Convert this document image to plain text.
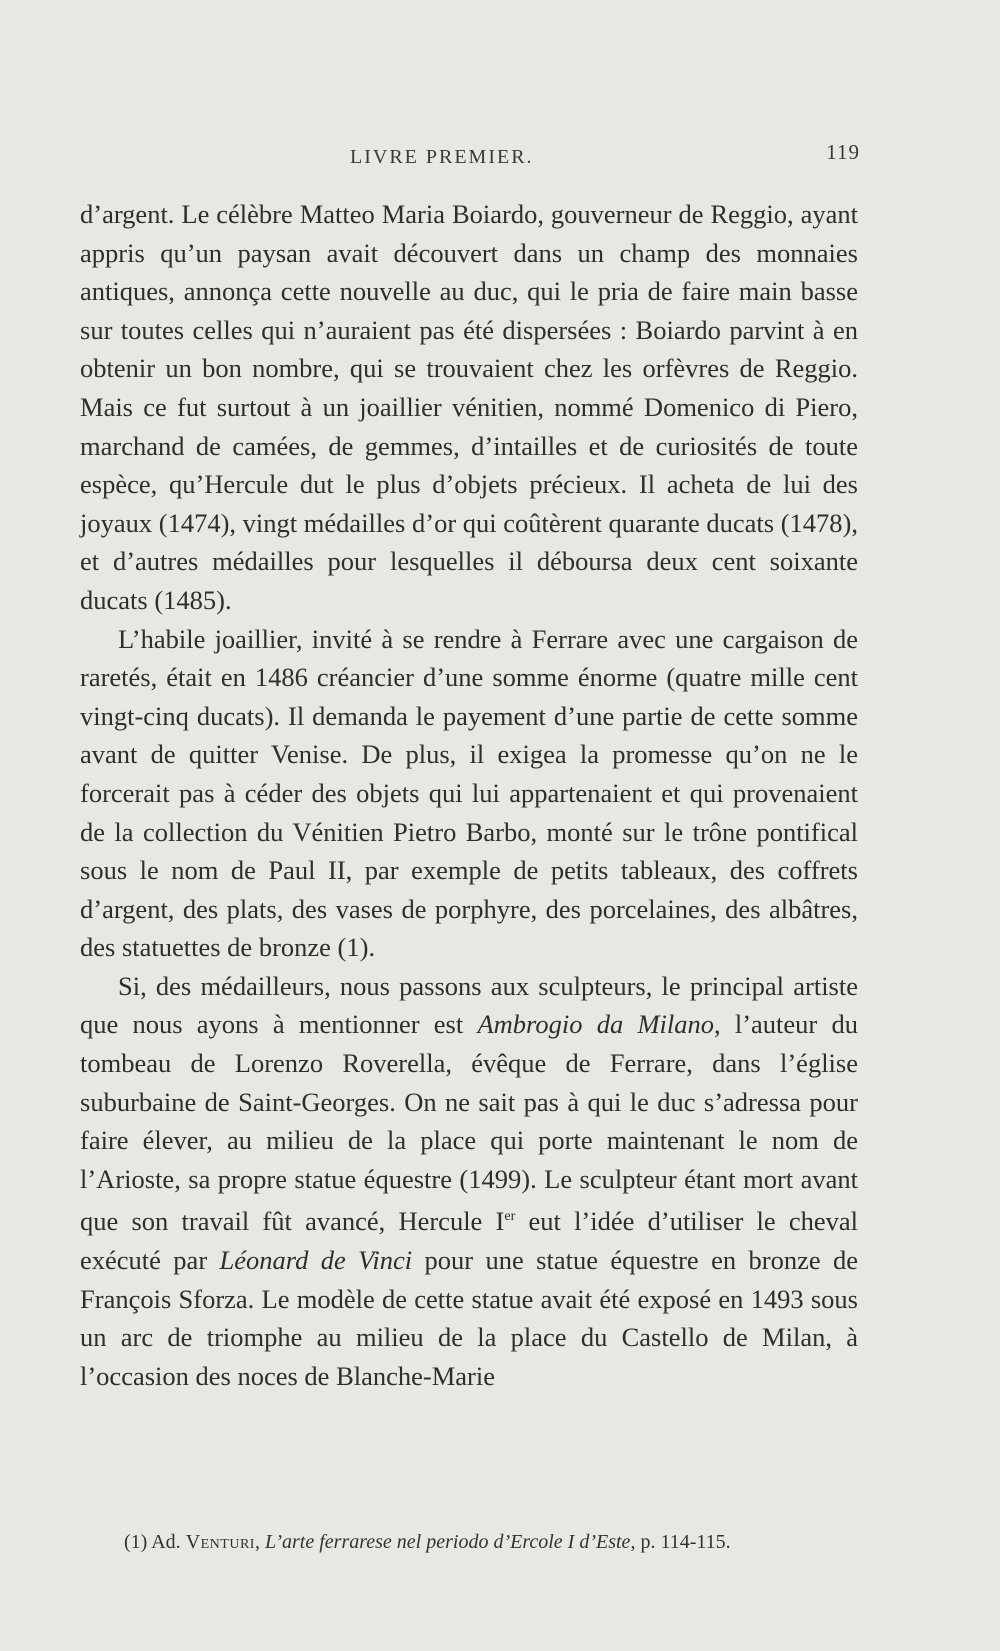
LIVRE PREMIER.	119

d’argent. Le célèbre Matteo Maria Boiardo, gouverneur de Reggio, ayant appris qu’un paysan avait découvert dans un champ des monnaies antiques, annonça cette nouvelle au duc, qui le pria de faire main basse sur toutes celles qui n’auraient pas été dispersées : Boiardo parvint à en obtenir un bon nombre, qui se trouvaient chez les orfèvres de Reggio. Mais ce fut surtout à un joaillier vénitien, nommé Domenico di Piero, marchand de camées, de gemmes, d’intailles et de curiosités de toute espèce, qu’Hercule dut le plus d’objets précieux. Il acheta de lui des joyaux (1474), vingt médailles d’or qui coûtèrent quarante ducats (1478), et d’autres médailles pour lesquelles il déboursa deux cent soixante ducats (1485).

L’habile joaillier, invité à se rendre à Ferrare avec une cargaison de raretés, était en 1486 créancier d’une somme énorme (quatre mille cent vingt-cinq ducats). Il demanda le payement d’une partie de cette somme avant de quitter Venise. De plus, il exigea la promesse qu’on ne le forcerait pas à céder des objets qui lui appartenaient et qui provenaient de la collection du Vénitien Pietro Barbo, monté sur le trône pontifical sous le nom de Paul II, par exemple de petits tableaux, des coffrets d’argent, des plats, des vases de porphyre, des porcelaines, des albâtres, des statuettes de bronze (1).

Si, des médailleurs, nous passons aux sculpteurs, le principal artiste que nous ayons à mentionner est Ambrogio da Milano, l’auteur du tombeau de Lorenzo Roverella, évêque de Ferrare, dans l’église suburbaine de Saint-Georges. On ne sait pas à qui le duc s’adressa pour faire élever, au milieu de la place qui porte maintenant le nom de l’Arioste, sa propre statue équestre (1499). Le sculpteur étant mort avant que son travail fût avancé, Hercule Ier eut l’idée d’utiliser le cheval exécuté par Léonard de Vinci pour une statue équestre en bronze de François Sforza. Le modèle de cette statue avait été exposé en 1493 sous un arc de triomphe au milieu de la place du Castello de Milan, à l’occasion des noces de Blanche-Marie

(1) Ad. Venturi, L’arte ferrarese nel periodo d’Ercole I d’Este, p. 114-115.
